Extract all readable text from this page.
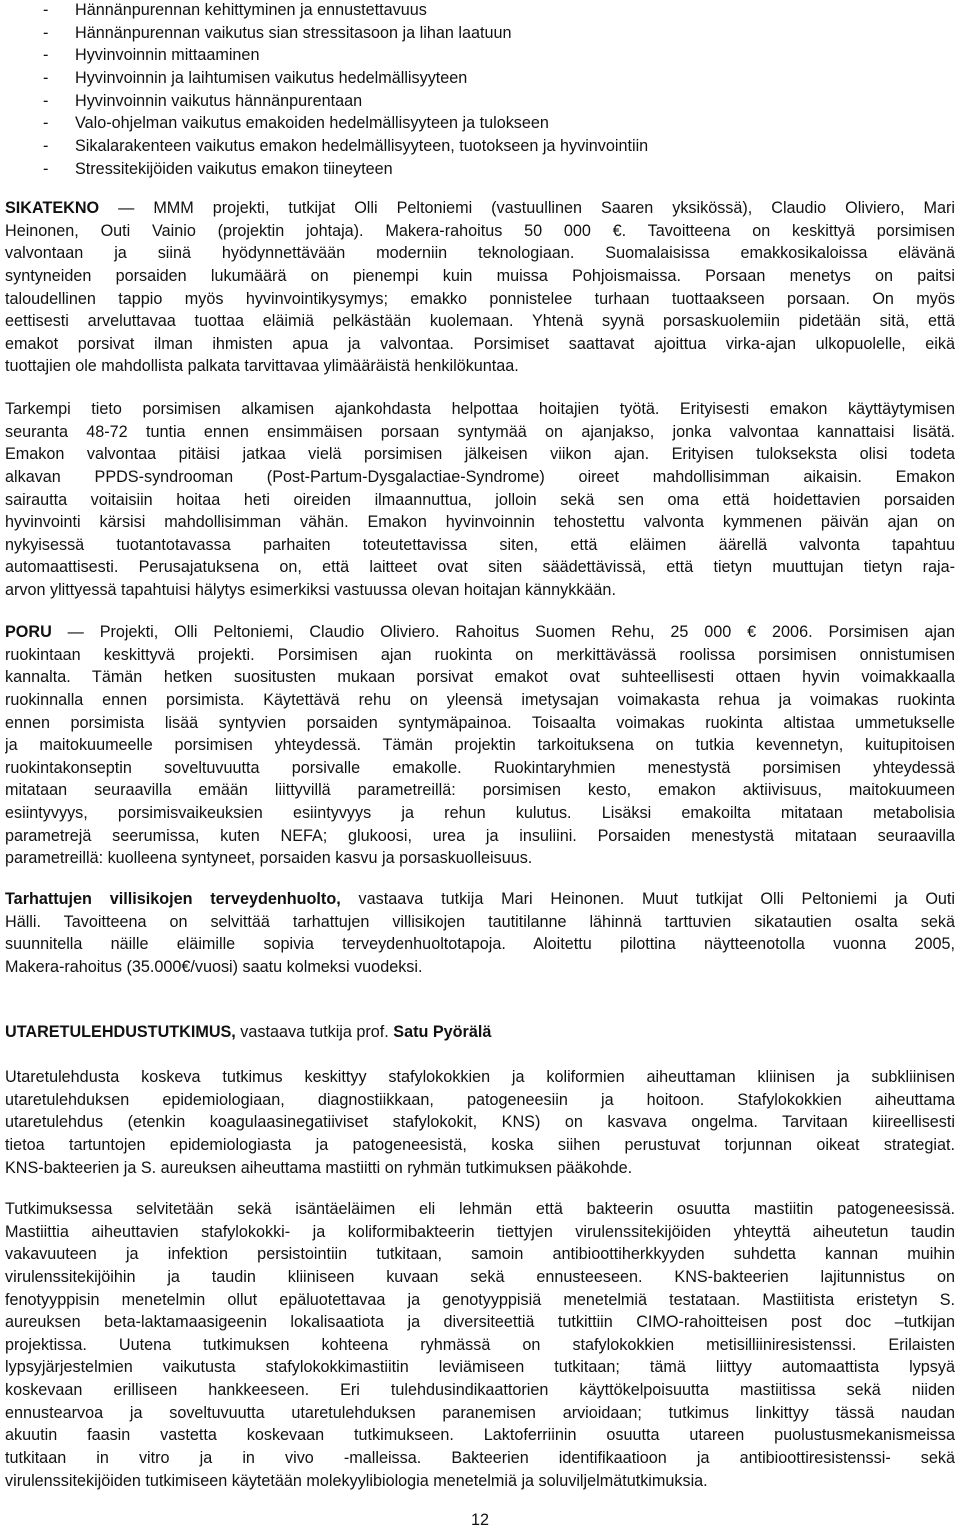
- Hännänpurennan kehittyminen ja ennustettavuus
- Hännänpurennan vaikutus sian stressitasoon ja lihan laatuun
- Hyvinvoinnin mittaaminen
- Hyvinvoinnin ja laihtumisen vaikutus hedelmällisyyteen
- Hyvinvoinnin vaikutus hännänpurentaan
- Valo-ohjelman vaikutus emakoiden hedelmällisyyteen ja tulokseen
- Sikalarakenteen vaikutus emakon hedelmällisyyteen, tuotokseen ja hyvinvointiin
- Stressitekijöiden vaikutus emakon tiineyteen
SIKATEKNO — MMM projekti, tutkijat Olli Peltoniemi (vastuullinen Saaren yksikössä), Claudio Oliviero, Mari
Heinonen, Outi Vainio (projektin johtaja). Makera-rahoitus 50 000 €. Tavoitteena on keskittyä porsimisen
valvontaan ja siinä hyödynnettävään moderniin teknologiaan. Suomalaisissa emakkosikaloissa elävänä
syntyneiden porsaiden lukumäärä on pienempi kuin muissa Pohjoismaissa. Porsaan menetys on paitsi
taloudellinen tappio myös hyvinvointikysymys; emakko ponnistelee turhaan tuottaakseen porsaan. On myös
eettisesti arveluttavaa tuottaa eläimiä pelkästään kuolemaan. Yhtenä syynä porsaskuolemiin pidetään sitä, että
emakot porsivat ilman ihmisten apua ja valvontaa. Porsimiset saattavat ajoittua virka-ajan ulkopuolelle, eikä
tuottajien ole mahdollista palkata tarvittavaa ylimääräistä henkilökuntaa.
Tarkempi tieto porsimisen alkamisen ajankohdasta helpottaa hoitajien työtä. Erityisesti emakon käyttäytymisen
seuranta 48-72 tuntia ennen ensimmäisen porsaan syntymää on ajanjakso, jonka valvontaa kannattaisi lisätä.
Emakon valvontaa pitäisi jatkaa vielä porsimisen jälkeisen viikon ajan. Erityisen tulokseksta olisi todeta
alkavan PPDS-syndrooman (Post-Partum-Dysgalactiae-Syndrome) oireet mahdollisimman aikaisin. Emakon
sairautta voitaisiin hoitaa heti oireiden ilmaannuttua, jolloin sekä sen oma että hoidettavien porsaiden
hyvinvointi kärsisi mahdollisimman vähän. Emakon hyvinvoinnin tehostettu valvonta kymmenen päivän ajan on
nykyisessä tuotantotavassa parhaiten toteutettavissa siten, että eläimen äärellä valvonta tapahtuu
automaattisesti. Perusajatuksena on, että laitteet ovat siten säädettävissä, että tietyn muuttujan tietyn raja-
arvon ylittyessä tapahtuisi hälytys esimerkiksi vastuussa olevan hoitajan kännykkään.
PORU — Projekti, Olli Peltoniemi, Claudio Oliviero. Rahoitus Suomen Rehu, 25 000 € 2006. Porsimisen ajan
ruokintaan keskittyvä projekti. Porsimisen ajan ruokinta on merkittävässä roolissa porsimisen onnistumisen
kannalta. Tämän hetken suositusten mukaan porsivat emakot ovat suhteellisesti ottaen hyvin voimakkaalla
ruokinnalla ennen porsimista. Käytettävä rehu on yleensä imetysajan voimakasta rehua ja voimakas ruokinta
ennen porsimista lisää syntyvien porsaiden syntymäpainoa. Toisaalta voimakas ruokinta altistaa ummetukselle
ja maitokuumeelle porsimisen yhteydessä. Tämän projektin tarkoituksena on tutkia kevennetyn, kuitupitoisen
ruokintakonseptin soveltuvuutta porsivalle emakolle. Ruokintaryhmien menestystä porsimisen yhteydessä
mitataan seuraavilla emään liittyvillä parametreillä: porsimisen kesto, emakon aktiivisuus, maitokuumeen
esiintyvyys, porsimisvaikeuksien esiintyvyys ja rehun kulutus. Lisäksi emakoilta mitataan metabolisia
parametrejä seerumissa, kuten NEFA; glukoosi, urea ja insuliini. Porsaiden menestystä mitataan seuraavilla
parametreillä: kuolleena syntyneet, porsaiden kasvu ja porsaskuolleisuus.
Tarhattujen villisikojen terveydenhuolto, vastaava tutkija Mari Heinonen. Muut tutkijat Olli Peltoniemi ja Outi
Hälli. Tavoitteena on selvittää tarhattujen villisikojen tautitilanne lähinnä tarttuvien sikatautien osalta sekä
suunnitella näille eläimille sopivia terveydenhuoltotapoja. Aloitettu pilottina näytteenotolla vuonna 2005,
Makera-rahoitus (35.000€/vuosi) saatu kolmeksi vuodeksi.
UTARETULEHDUSTUTKIMUS, vastaava tutkija prof. Satu Pyörälä
Utaretulehdusta koskeva tutkimus keskittyy stafylokokkien ja koliformien aiheuttaman kliinisen ja subkliinisen
utaretulehduksen epidemiologiaan, diagnostiikkaan, patogeneesiin ja hoitoon. Stafylokokkien aiheuttama
utaretulehdus (etenkin koagulaasinegatiiviset stafylokokit, KNS) on kasvava ongelma. Tarvitaan kiireellisesti
tietoa tartuntojen epidemiologiasta ja patogeneesistä, koska siihen perustuvat torjunnan oikeat strategiat.
KNS-bakteerien ja S. aureuksen aiheuttama mastiitti on ryhmän tutkimuksen pääkohde.
Tutkimuksessa selvitetään sekä isäntäeläimen eli lehmän että bakteerin osuutta mastiitin patogeneesissä.
Mastiittia aiheuttavien stafylokokki- ja koliformibakteerin tiettyjen virulenssitekijöiden yhteyttä aiheutetun taudin
vakavuuteen ja infektion persistointiin tutkitaan, samoin antibioottiherkkyyden suhdetta kannan muihin
virulenssitekijöihin ja taudin kliiniseen kuvaan sekä ennusteeseen. KNS-bakteerien lajitunnistus on
fenotyyppisin menetelmin ollut epäluotettavaa ja genotyyppisiä menetelmiä testataan. Mastiitista eristetyn S.
aureuksen beta-laktamaasigeenin lokalisaatiota ja diversiteettiä tutkittiin CIMO-rahoitteisen post doc –tutkijan
projektissa. Uutena tutkimuksen kohteena ryhmässä on stafylokokkien metisilliiniresistenssi. Erilaisten
lypsyjärjestelmien vaikutusta stafylokokkimastiitin leviämiseen tutkitaan; tämä liittyy automaattista lypsyä
koskevaan erilliseen hankkeeseen. Eri tulehdusindikaattorien käyttökelpoisuutta mastiitissa sekä niiden
ennustearvoa ja soveltuvuutta utaretulehduksen paranemisen arvioidaan; tutkimus linkittyy tässä naudan
akuutin faasin vastetta koskevaan tutkimukseen. Laktoferriinin osuutta utareen puolustusmekanismeissa
tutkitaan in vitro ja in vivo -malleissa. Bakteerien identifikaatioon ja antibioottiresistenssi- sekä
virulenssitekijöiden tutkimiseen käytetään molekyylibiologia menetelmiä ja soluviljelmätutkimuksia.
12
